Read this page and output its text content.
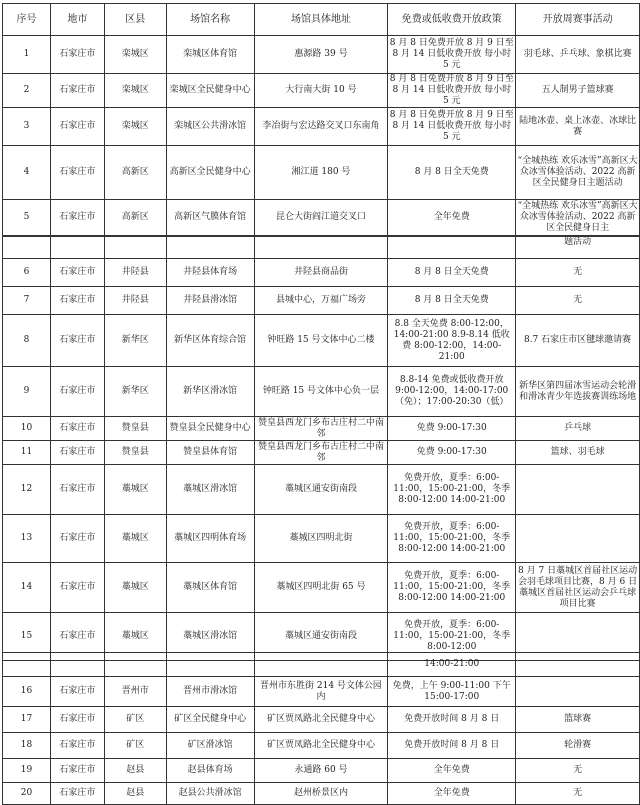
序号	地市	区县	场馆名称	场馆具体地址	免费或低收费开放政策	开放周赛事活动
1	石家庄市	栾城区	栾城区体育馆	惠源路 39 号	8 月 8 日免费开放 8 月 9 日至 8 月 14 日低收费开放 每小时 5 元	羽毛球、乒乓球、象棋比赛
2	石家庄市	栾城区	栾城区全民健身中心	大行南大街 10 号	8 月 8 日免费开放 8 月 9 日至 8 月 14 日低收费开放 每小时 5 元	五人制男子篮球赛
3	石家庄市	栾城区	栾城区公共滑冰馆	李冶街与宏达路交叉口东南角	8 月 8 日免费开放 8 月 9 日至 8 月 14 日低收费开放 每小时 5 元	陆地冰壶、桌上冰壶、冰球比赛
4	石家庄市	高新区	高新区全民健身中心	湘江道 180 号	8 月 8 日全天免费	“全城热练 欢乐冰雪”高新区大众冰雪体验活动、2022 高新区全民健身日主题活动
5	石家庄市	高新区	高新区气膜体育馆	昆仑大街阎江道交叉口	全年免费	“全城热练 欢乐冰雪”高新区大众冰雪体验活动、2022 高新区全民健身日主
						题活动
6	石家庄市	井陉县	井陉县体育场	井陉县商品街	8 月 8 日全天免费	无
7	石家庄市	井陉县	井陉县滑冰馆	县城中心，万福广场旁	8 月 8 日全天免费	无
8	石家庄市	新华区	新华区体育综合馆	钟旺路 15 号文体中心二楼	8.8 全天免费 8:00-12:00， 14:00-21:00 8.9-8.14 低收费 8:00-12:00，14:00-21:00	8.7 石家庄市区毽球邀请赛
9	石家庄市	新华区	新华区滑冰馆	钟旺路 15 号文体中心负一层	8.8-14 免费或低收费开放 9:00-12:00，14:00-17:00（免）；17:00-20:30（低）	新华区第四届冰雪运动会轮滑和滑冰青少年选拔赛训练场地
10	石家庄市	赞皇县	赞皇县全民健身中心	赞皇县西龙门乡布古庄村二中南邻	免费 9:00-17:30	乒乓球
11	石家庄市	赞皇县	赞皇县体育馆	赞皇县西龙门乡布古庄村二中南邻	免费 9:00-17:30	篮球、羽毛球
12	石家庄市	藁城区	藁城区滑冰馆	藁城区通安街南段	免费开放，夏季：6:00-11:00，15:00-21:00，冬季 8:00-12:00 14:00-21:00	
13	石家庄市	藁城区	藁城区四明体育场	藁城区四明北街	免费开放，夏季：6:00-11:00，15:00-21:00，冬季 8:00-12:00 14:00-21:00	
14	石家庄市	藁城区	藁城区体育馆	藁城区四明北街 65 号	免费开放，夏季：6:00-11:00，15:00-21:00，冬季 8:00-12:00 14:00-21:00	8 月 7 日藁城区首届社区运动会羽毛球项目比赛，8 月 6 日藁城区首届社区运动会乒乓球项目比赛
15	石家庄市	藁城区	藁城区滑冰馆	藁城区通安街南段	免费开放，夏季：6:00-11:00，15:00-21:00，冬季 8:00-12:00	
					14:00-21:00	
16	石家庄市	晋州市	晋州市滑冰馆	晋州市东胜街 214 号文体公园内	免费，上午 9:00-11:00 下午 15:00-17:00	
17	石家庄市	矿区	矿区全民健身中心	矿区贾凤路北全民健身中心	免费开放时间 8 月 8 日	篮球赛
18	石家庄市	矿区	矿区滑冰馆	矿区贾凤路北全民健身中心	免费开放时间 8 月 8 日	轮滑赛
19	石家庄市	赵县	赵县体育场	永通路 60 号	全年免费	无
20	石家庄市	赵县	赵县公共滑冰馆	赵州桥景区内	全年免费	无
